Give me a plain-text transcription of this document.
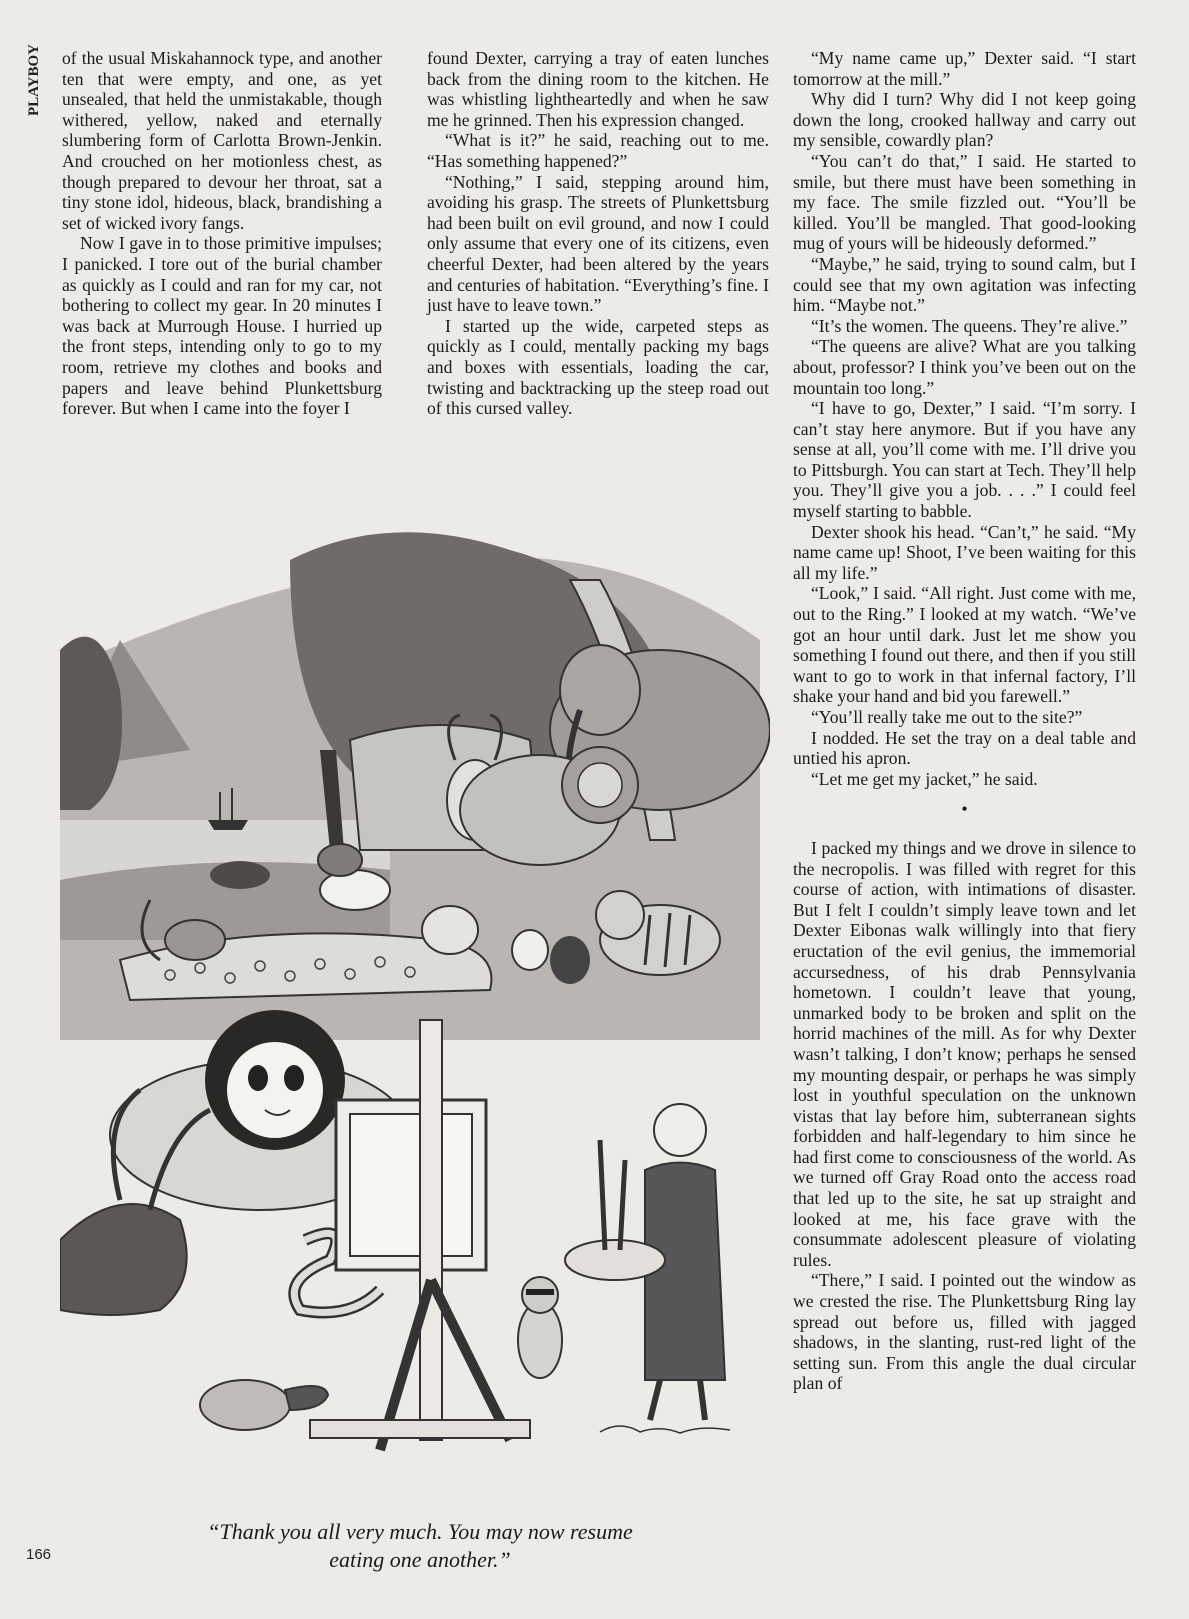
PLAYBOY of the usual Miskahannock type, and another ten that were empty, and one, as yet unsealed, that held the unmistakable, though withered, yellow, naked and eternally slumbering form of Carlotta Brown-Jenkin. And crouched on her motionless chest, as though prepared to devour her throat, sat a tiny stone idol, hideous, black, brandishing a set of wicked ivory fangs.

Now I gave in to those primitive impulses; I panicked. I tore out of the burial chamber as quickly as I could and ran for my car, not bothering to collect my gear. In 20 minutes I was back at Murrough House. I hurried up the front steps, intending only to go to my room, retrieve my clothes and books and papers and leave behind Plunkettsburg forever. But when I came into the foyer I

found Dexter, carrying a tray of eaten lunches back from the dining room to the kitchen. He was whistling lightheartedly and when he saw me he grinned. Then his expression changed.

“What is it?” he said, reaching out to me. “Has something happened?”

“Nothing,” I said, stepping around him, avoiding his grasp. The streets of Plunkettsburg had been built on evil ground, and now I could only assume that every one of its citizens, even cheerful Dexter, had been altered by the years and centuries of habitation. “Everything’s fine. I just have to leave town.”

I started up the wide, carpeted steps as quickly as I could, mentally packing my bags and boxes with essentials, loading the car, twisting and backtracking up the steep road out of this cursed valley.

“My name came up,” Dexter said. “I start tomorrow at the mill.”

Why did I turn? Why did I not keep going down the long, crooked hallway and carry out my sensible, cowardly plan?

“You can’t do that,” I said. He started to smile, but there must have been something in my face. The smile fizzled out. “You’ll be killed. You’ll be mangled. That good-looking mug of yours will be hideously deformed.”

“Maybe,” he said, trying to sound calm, but I could see that my own agitation was infecting him. “Maybe not.”

“It’s the women. The queens. They’re alive.”

“The queens are alive? What are you talking about, professor? I think you’ve been out on the mountain too long.”

“I have to go, Dexter,” I said. “I’m sorry. I can’t stay here anymore. But if you have any sense at all, you’ll come with me. I’ll drive you to Pittsburgh. You can start at Tech. They’ll help you. They’ll give you a job. . . .” I could feel myself starting to babble.

Dexter shook his head. “Can’t,” he said. “My name came up! Shoot, I’ve been waiting for this all my life.”

“Look,” I said. “All right. Just come with me, out to the Ring.” I looked at my watch. “We’ve got an hour until dark. Just let me show you something I found out there, and then if you still want to go to work in that infernal factory, I’ll shake your hand and bid you farewell.”

“You’ll really take me out to the site?”

I nodded. He set the tray on a deal table and untied his apron.

“Let me get my jacket,” he said.

•

I packed my things and we drove in silence to the necropolis. I was filled with regret for this course of action, with intimations of disaster. But I felt I couldn’t simply leave town and let Dexter Eibonas walk willingly into that fiery eructation of the evil genius, the immemorial accursedness, of his drab Pennsylvania hometown. I couldn’t leave that young, unmarked body to be broken and split on the horrid machines of the mill. As for why Dexter wasn’t talking, I don’t know; perhaps he sensed my mounting despair, or perhaps he was simply lost in youthful speculation on the unknown vistas that lay before him, subterranean sights forbidden and half-legendary to him since he had first come to consciousness of the world. As we turned off Gray Road onto the access road that led up to the site, he sat up straight and looked at me, his face grave with the consummate adolescent pleasure of violating rules.

“There,” I said. I pointed out the window as we crested the rise. The Plunkettsburg Ring lay spread out before us, filled with jagged shadows, in the slanting, rust-red light of the setting sun. From this angle the dual circular plan of

“Thank you all very much. You may now resume
eating one another.”
166
